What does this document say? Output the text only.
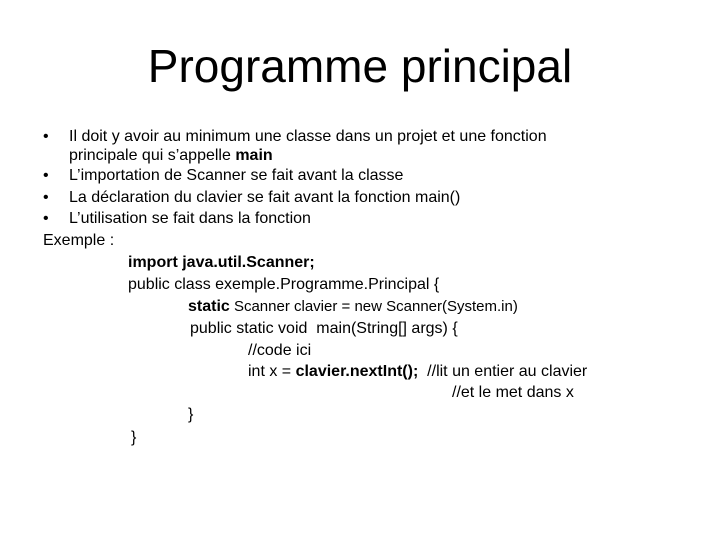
Programme principal
• Il doit y avoir au minimum une classe dans un projet et une fonction
principale qui s’appelle main
• L’importation de Scanner se fait avant la classe
• La déclaration du clavier se fait avant la fonction main()
• L’utilisation se fait dans la fonction
Exemple :
import java.util.Scanner;
public class exemple.Programme.Principal {
static Scanner clavier = new Scanner(System.in)
public static void  main(String[] args) {
//code ici
int x = clavier.nextInt();  //lit un entier au clavier
//et le met dans x
}
}
